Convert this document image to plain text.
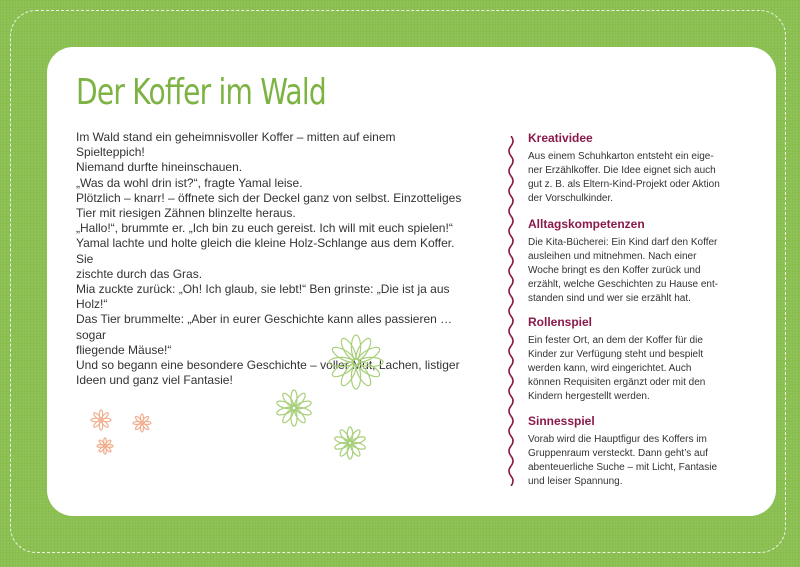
Der Koffer im Wald

Im Wald stand ein geheimnisvoller Koffer – mitten auf einem Spielteppich!

Niemand durfte hineinschauen.

„Was da wohl drin ist?“, fragte Yamal leise.

Plötzlich – knarr! – öffnete sich der Deckel ganz von selbst. Einzotteliges

Tier mit riesigen Zähnen blinzelte heraus.

„Hallo!“, brummte er. „Ich bin zu euch gereist. Ich will mit euch spielen!“

Yamal lachte und holte gleich die kleine Holz-Schlange aus dem Koffer. Sie

zischte durch das Gras.

Mia zuckte zurück: „Oh! Ich glaub, sie lebt!“ Ben grinste: „Die ist ja aus Holz!“

Das Tier brummelte: „Aber in eurer Geschichte kann alles passieren … sogar

fliegende Mäuse!“

Und so begann eine besondere Geschichte – voller Mut, Lachen, listiger

Ideen und ganz viel Fantasie!

Kreatividee

Aus einem Schuhkarton entsteht ein eige-

ner Erzählkoffer. Die Idee eignet sich auch

gut z. B. als Eltern-Kind-Projekt oder Aktion

der Vorschulkinder.

Alltagskompetenzen

Die Kita-Bücherei: Ein Kind darf den Koffer

ausleihen und mitnehmen. Nach einer

Woche bringt es den Koffer zurück und

erzählt, welche Geschichten zu Hause ent-

standen sind und wer sie erzählt hat.

Rollenspiel

Ein fester Ort, an dem der Koffer für die

Kinder zur Verfügung steht und bespielt

werden kann, wird eingerichtet. Auch

können Requisiten ergänzt oder mit den

Kindern hergestellt werden.

Sinnesspiel

Vorab wird die Hauptfigur des Koffers im

Gruppenraum versteckt. Dann geht’s auf

abenteuerliche Suche – mit Licht, Fantasie

und leiser Spannung.
